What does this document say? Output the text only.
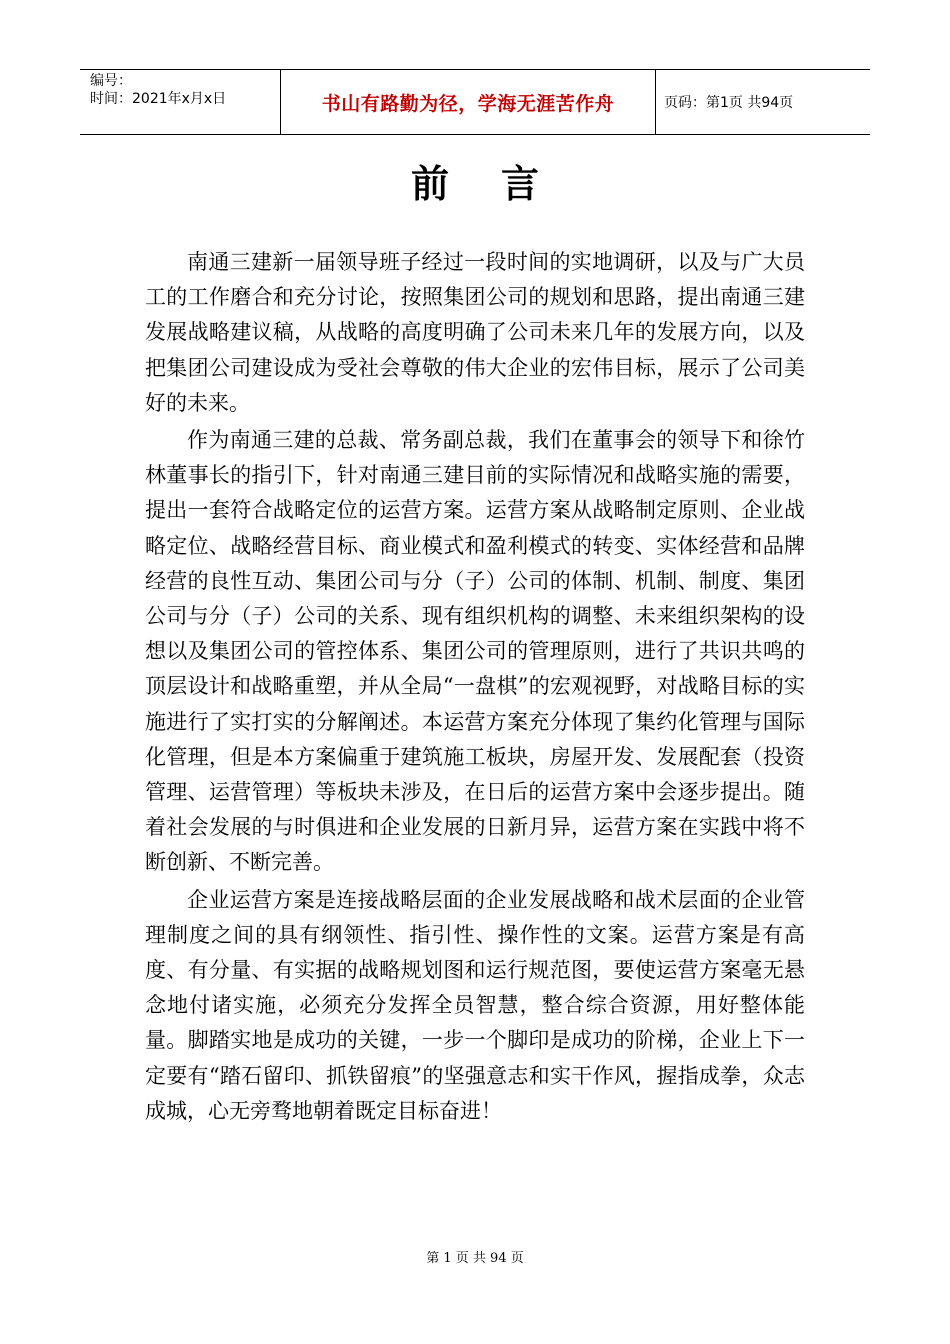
编号：
时间：2021年x月x日	书山有路勤为径，学海无涯苦作舟	页码：第1页 共94页
前言

南通三建新一届领导班子经过一段时间的实地调研，以及与广大员工的工作磨合和充分讨论，按照集团公司的规划和思路，提出南通三建发展战略建议稿，从战略的高度明确了公司未来几年的发展方向，以及把集团公司建设成为受社会尊敬的伟大企业的宏伟目标，展示了公司美好的未来。

作为南通三建的总裁、常务副总裁，我们在董事会的领导下和徐竹林董事长的指引下，针对南通三建目前的实际情况和战略实施的需要，提出一套符合战略定位的运营方案。运营方案从战略制定原则、企业战略定位、战略经营目标、商业模式和盈利模式的转变、实体经营和品牌经营的良性互动、集团公司与分（子）公司的体制、机制、制度、集团公司与分（子）公司的关系、现有组织机构的调整、未来组织架构的设想以及集团公司的管控体系、集团公司的管理原则，进行了共识共鸣的顶层设计和战略重塑，并从全局“一盘棋”的宏观视野，对战略目标的实施进行了实打实的分解阐述。本运营方案充分体现了集约化管理与国际化管理，但是本方案偏重于建筑施工板块，房屋开发、发展配套（投资管理、运营管理）等板块未涉及，在日后的运营方案中会逐步提出。随着社会发展的与时俱进和企业发展的日新月异，运营方案在实践中将不断创新、不断完善。

企业运营方案是连接战略层面的企业发展战略和战术层面的企业管理制度之间的具有纲领性、指引性、操作性的文案。运营方案是有高度、有分量、有实据的战略规划图和运行规范图，要使运营方案毫无悬念地付诸实施，必须充分发挥全员智慧，整合综合资源，用好整体能量。脚踏实地是成功的关键，一步一个脚印是成功的阶梯，企业上下一定要有“踏石留印、抓铁留痕”的坚强意志和实干作风，握指成拳，众志成城，心无旁骛地朝着既定目标奋进！

第 1 页 共 94 页
